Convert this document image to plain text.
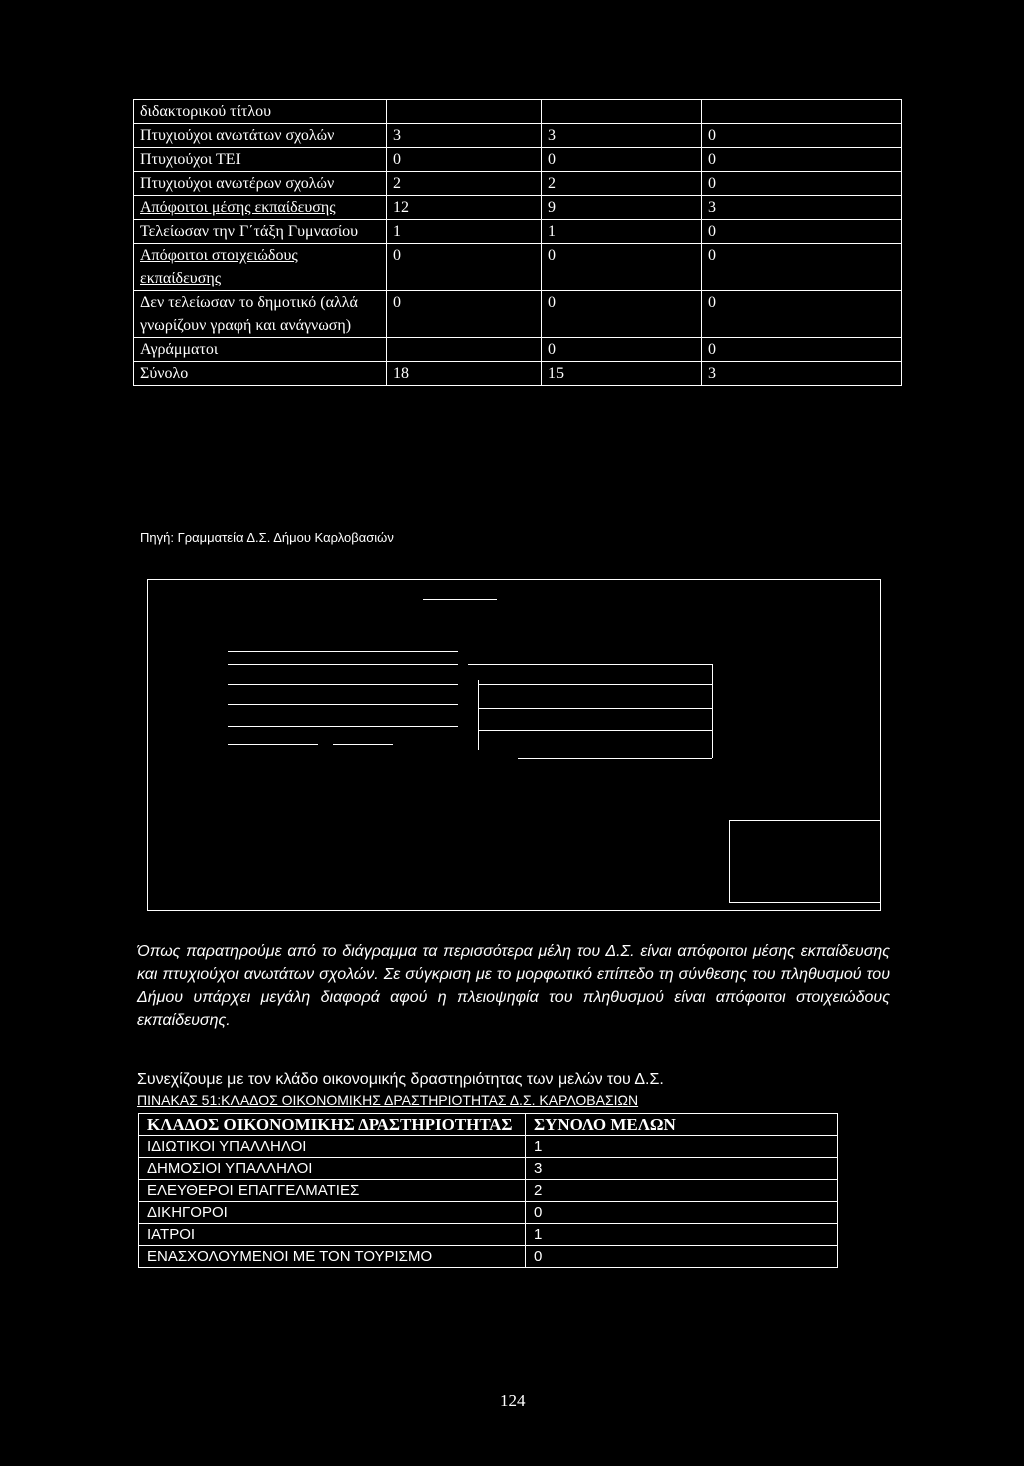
διδακτορικού τίτλου			
Πτυχιούχοι ανωτάτων σχολών	3	3	0
Πτυχιούχοι ΤΕΙ	0	0	0
Πτυχιούχοι ανωτέρων σχολών	2	2	0
Απόφοιτοι μέσης εκπαίδευσης	12	9	3
Τελείωσαν την Γ΄τάξη Γυμνασίου	1	1	0
Απόφοιτοι στοιχειώδους εκπαίδευσης	0	0	0
Δεν τελείωσαν το δημοτικό (αλλά γνωρίζουν γραφή και ανάγνωση)	0	0	0
Αγράμματοι		0	0
Σύνολο	18	15	3
Πηγή: Γραμματεία Δ.Σ. Δήμου Καρλοβασιών
Όπως παρατηρούμε από το διάγραμμα τα περισσότερα μέλη του Δ.Σ. είναι απόφοιτοι μέσης εκπαίδευσης και πτυχιούχοι ανωτάτων σχολών. Σε σύγκριση με το μορφωτικό επίπεδο τη σύνθεσης του πληθυσμού του Δήμου υπάρχει μεγάλη διαφορά αφού η πλειοψηφία του πληθυσμού είναι απόφοιτοι στοιχειώδους εκπαίδευσης.
Συνεχίζουμε με τον κλάδο οικονομικής δραστηριότητας των μελών του Δ.Σ.
ΠΙΝΑΚΑΣ 51:ΚΛΑΔΟΣ ΟΙΚΟΝΟΜΙΚΗΣ ΔΡΑΣΤΗΡΙΟΤΗΤΑΣ Δ.Σ. ΚΑΡΛΟΒΑΣΙΩΝ
ΚΛΑΔΟΣ ΟΙΚΟΝΟΜΙΚΗΣ ΔΡΑΣΤΗΡΙΟΤΗΤΑΣ	ΣΥΝΟΛΟ ΜΕΛΩΝ
ΙΔΙΩΤΙΚΟΙ ΥΠΑΛΛΗΛΟΙ	1
ΔΗΜΟΣΙΟΙ ΥΠΑΛΛΗΛΟΙ	3
ΕΛΕΥΘΕΡΟΙ ΕΠΑΓΓΕΛΜΑΤΙΕΣ	2
ΔΙΚΗΓΟΡΟΙ	0
ΙΑΤΡΟΙ	1
ΕΝΑΣΧΟΛΟΥΜΕΝΟΙ ΜΕ ΤΟΝ ΤΟΥΡΙΣΜΟ	0
124
